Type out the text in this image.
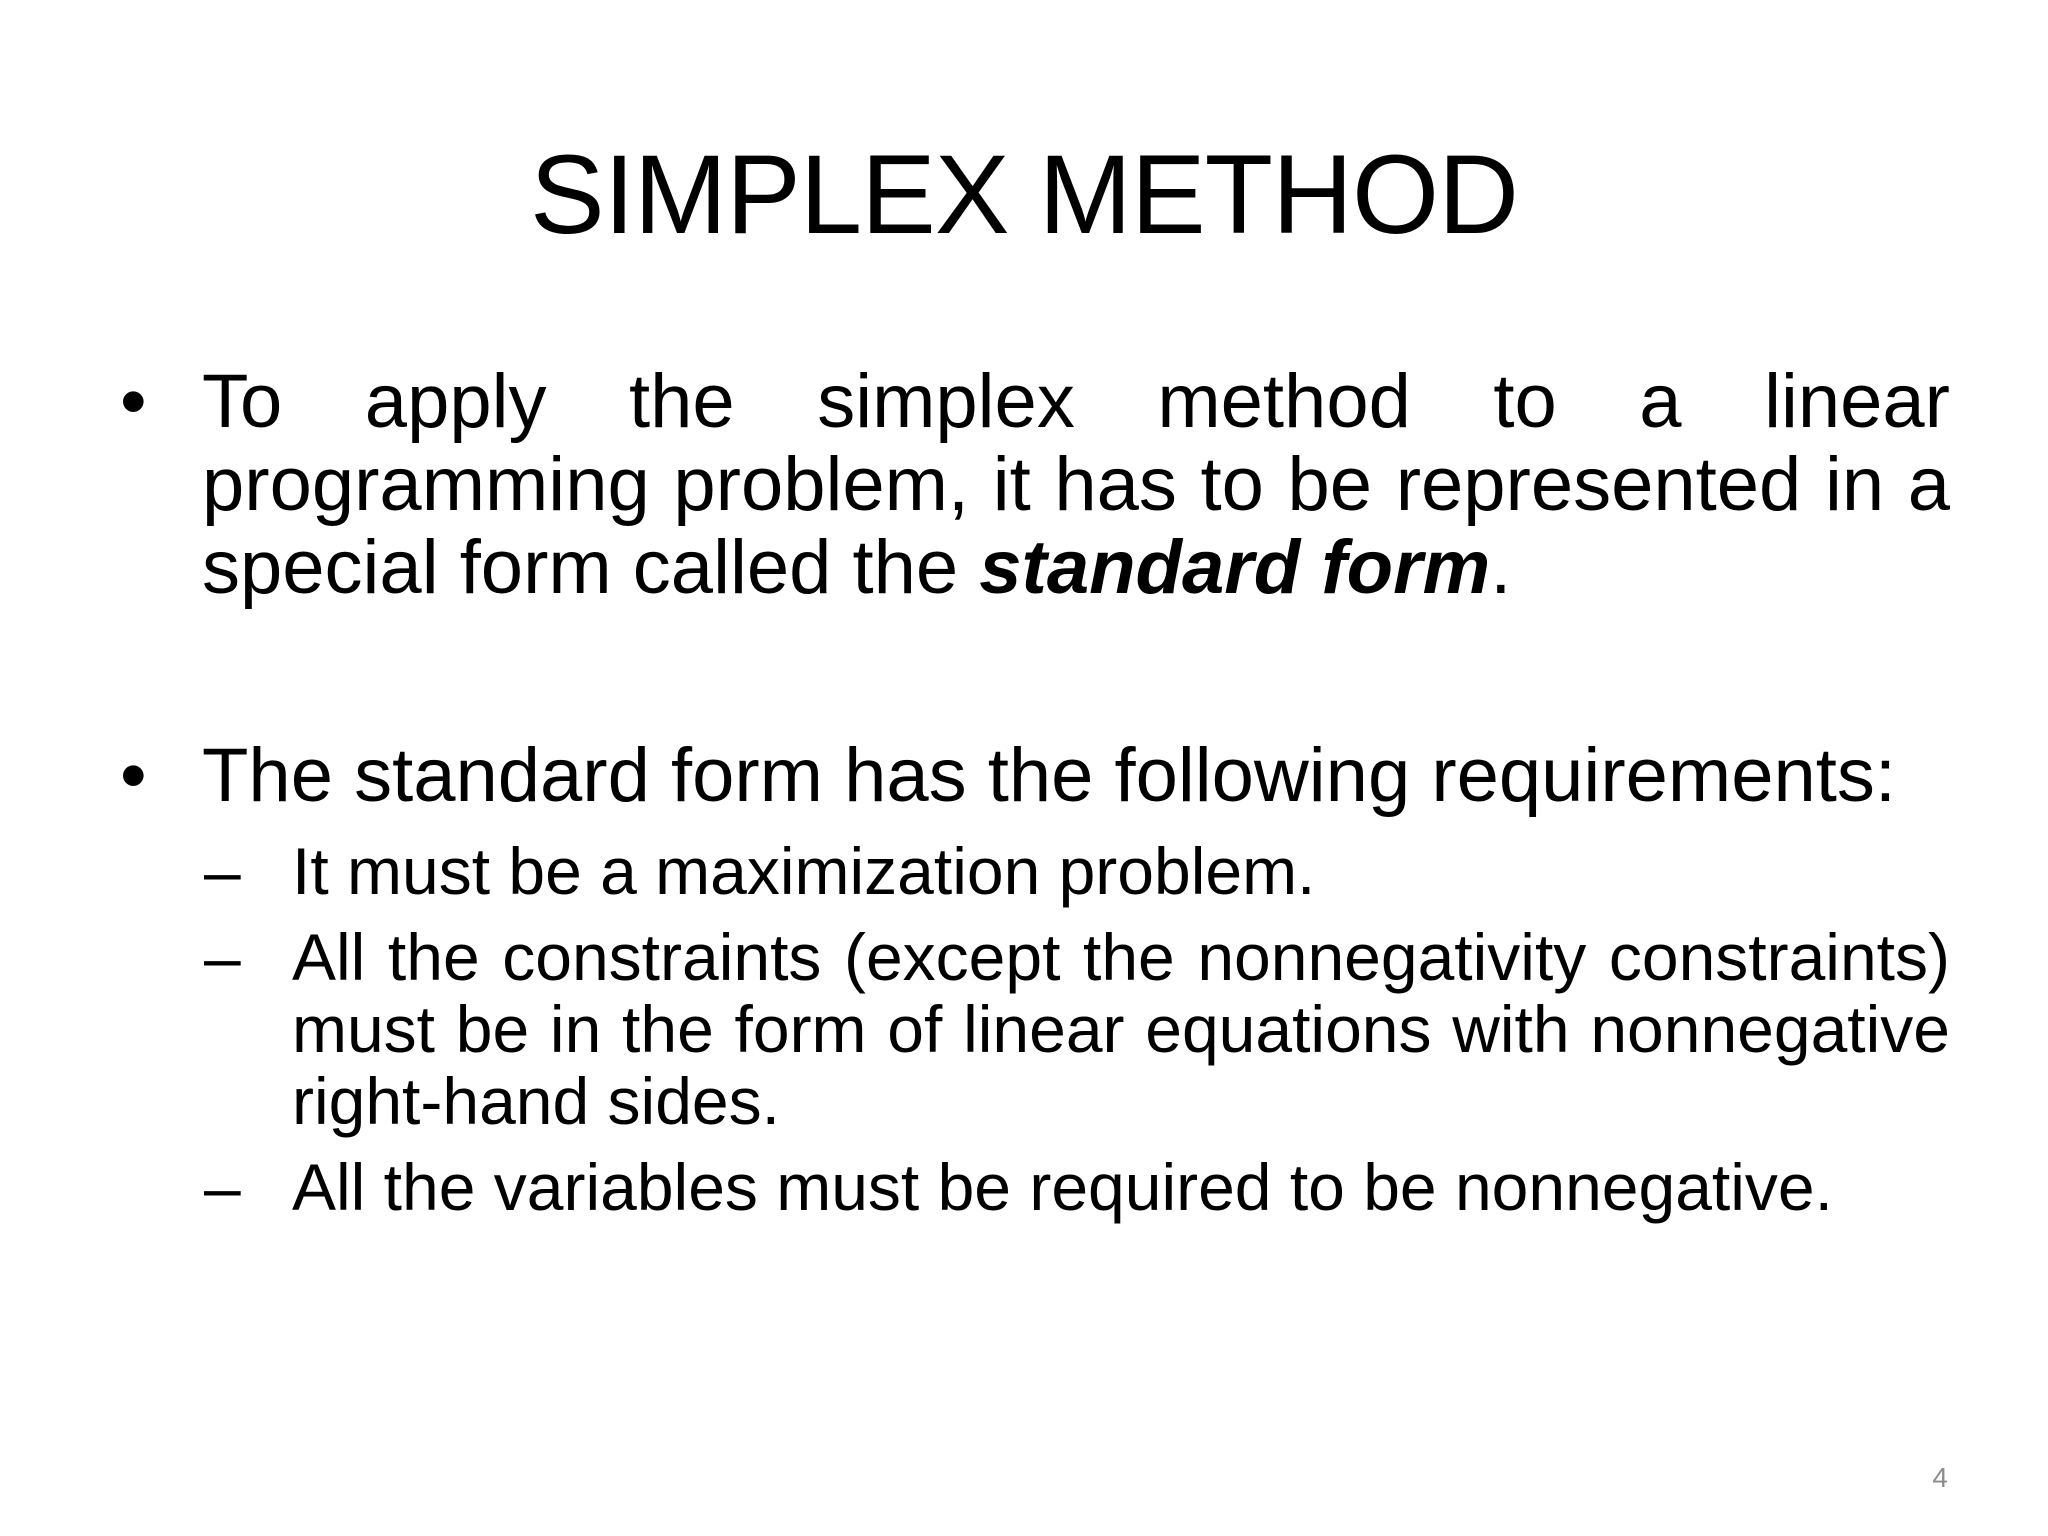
SIMPLEX METHOD
• To apply the simplex method to a linear programming problem, it has to be represented in a special form called the standard form.
• The standard form has the following requirements:
– It must be a maximization problem.
– All the constraints (except the nonnegativity constraints) must be in the form of linear equations with nonnegative right-hand sides.
– All the variables must be required to be nonnegative.
4
